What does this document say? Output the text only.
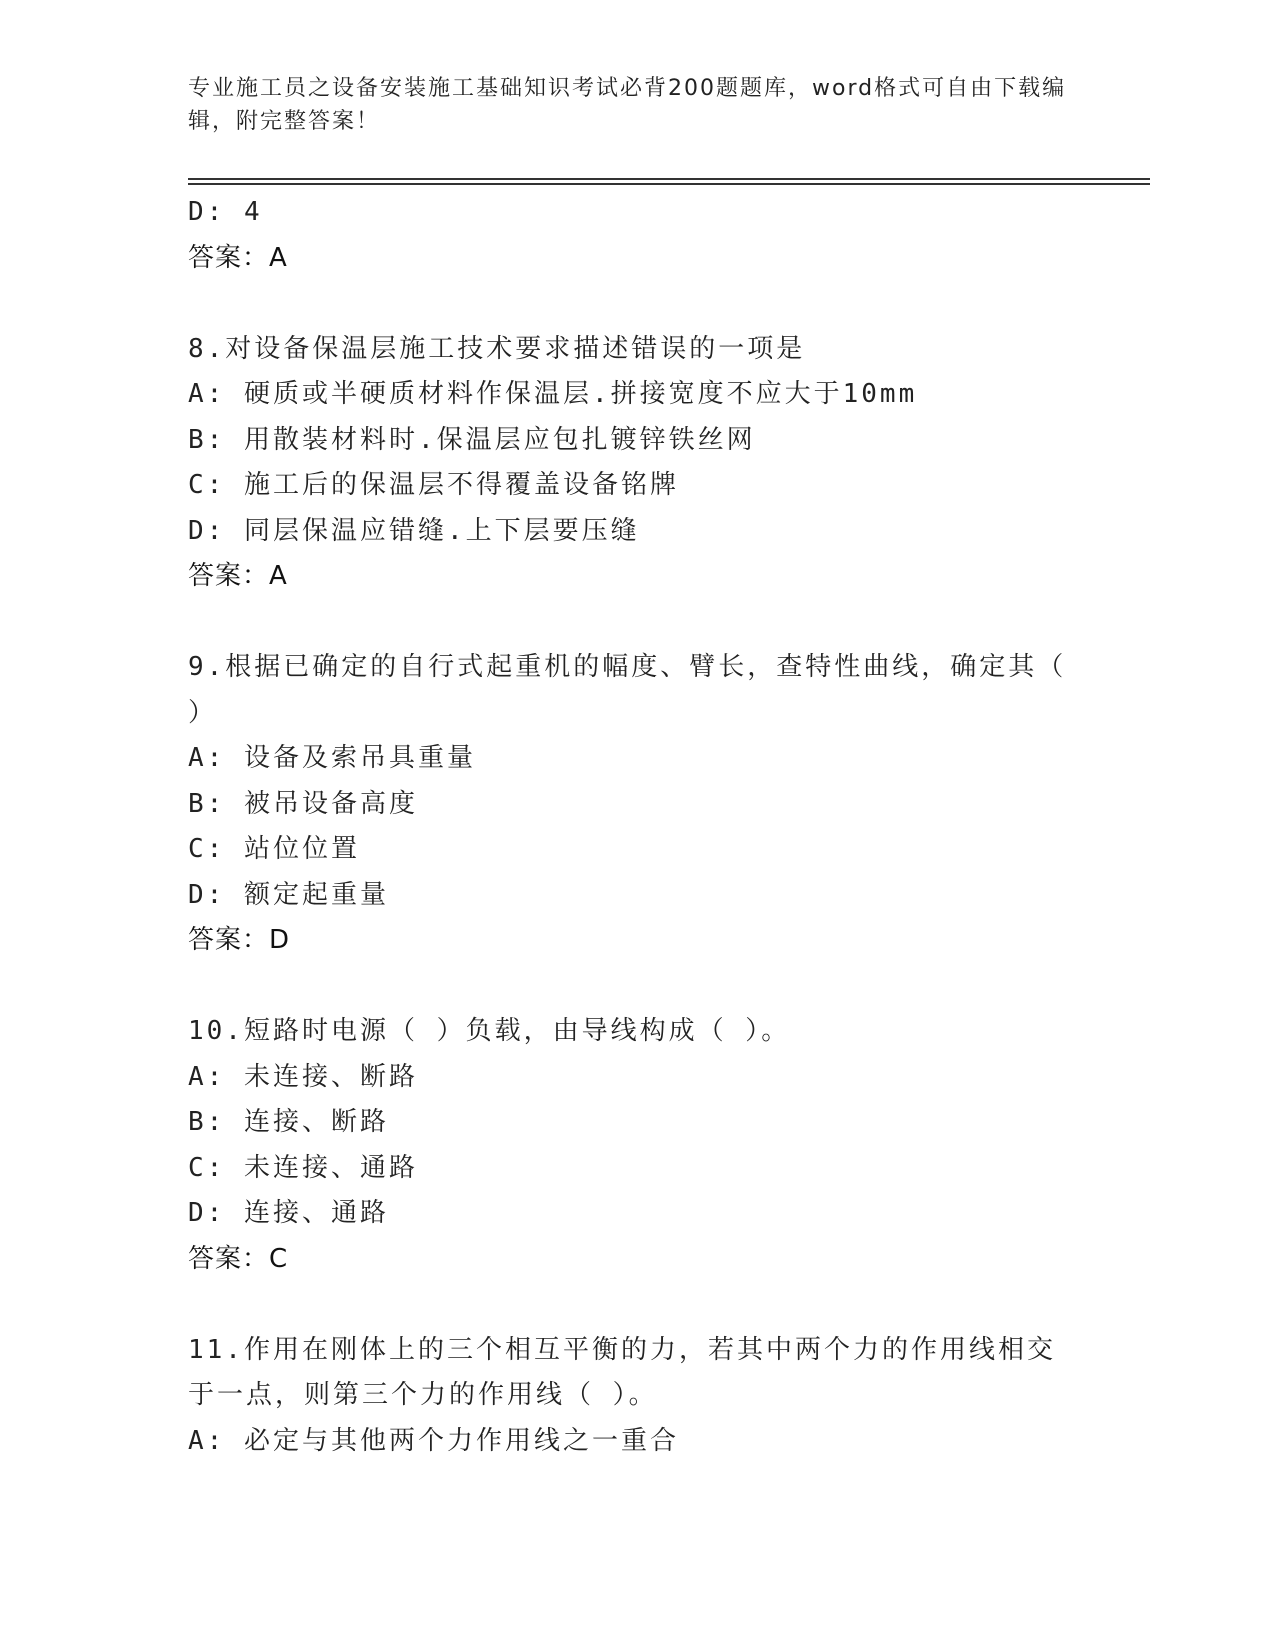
专业施工员之设备安装施工基础知识考试必背200题题库，word格式可自由下载编辑，附完整答案！
D: 4
答案：A
8.对设备保温层施工技术要求描述错误的一项是
A: 硬质或半硬质材料作保温层.拼接宽度不应大于10mm
B: 用散装材料时.保温层应包扎镀锌铁丝网
C: 施工后的保温层不得覆盖设备铭牌
D: 同层保温应错缝.上下层要压缝
答案：A
9.根据已确定的自行式起重机的幅度、臂长，查特性曲线，确定其（ ）
A: 设备及索吊具重量
B: 被吊设备高度
C: 站位位置
D: 额定起重量
答案：D
10.短路时电源（ ）负载，由导线构成（ ）。
A: 未连接、断路
B: 连接、断路
C: 未连接、通路
D: 连接、通路
答案：C
11.作用在刚体上的三个相互平衡的力，若其中两个力的作用线相交于一点，则第三个力的作用线（ ）。
A: 必定与其他两个力作用线之一重合
